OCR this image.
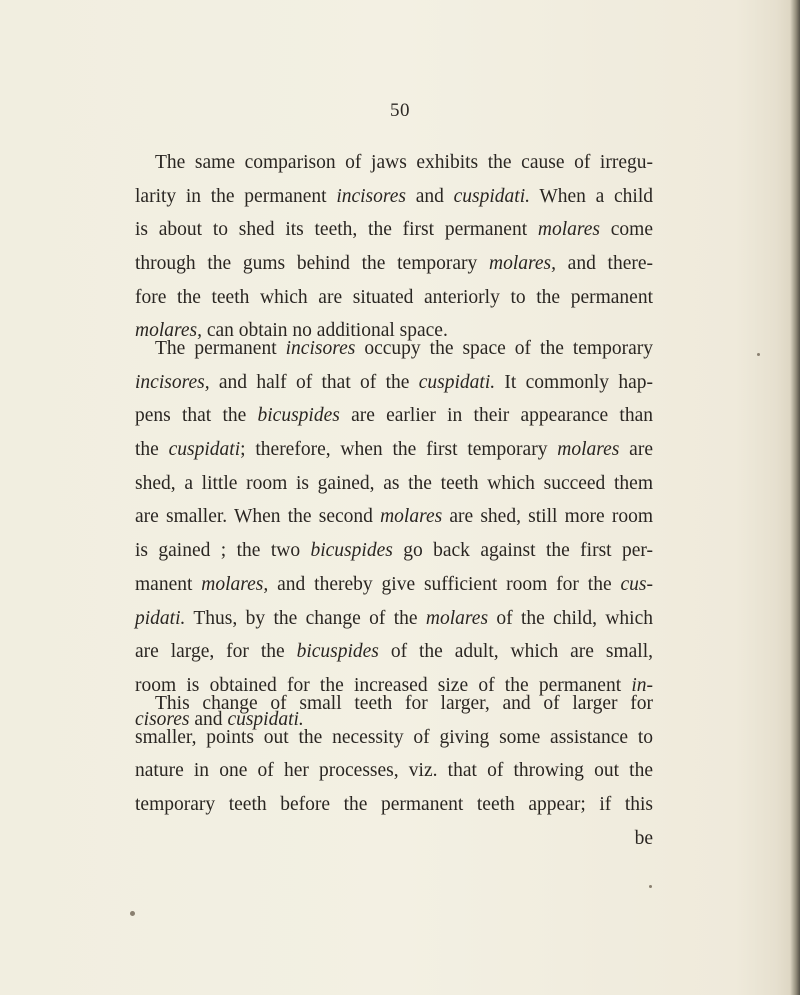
50
The same comparison of jaws exhibits the cause of irregu-
larity in the permanent incisores and cuspidati. When a child
is about to shed its teeth, the first permanent molares come
through the gums behind the temporary molares, and there-
fore the teeth which are situated anteriorly to the permanent
molares, can obtain no additional space.
The permanent incisores occupy the space of the temporary
incisores, and half of that of the cuspidati. It commonly hap-
pens that the bicuspides are earlier in their appearance than
the cuspidati; therefore, when the first temporary molares are
shed, a little room is gained, as the teeth which succeed them
are smaller. When the second molares are shed, still more room
is gained ; the two bicuspides go back against the first per-
manent molares, and thereby give sufficient room for the cus-
pidati. Thus, by the change of the molares of the child, which
are large, for the bicuspides of the adult, which are small,
room is obtained for the increased size of the permanent in-
cisores and cuspidati.
This change of small teeth for larger, and of larger for
smaller, points out the necessity of giving some assistance to
nature in one of her processes, viz. that of throwing out the
temporary teeth before the permanent teeth appear; if this
be
